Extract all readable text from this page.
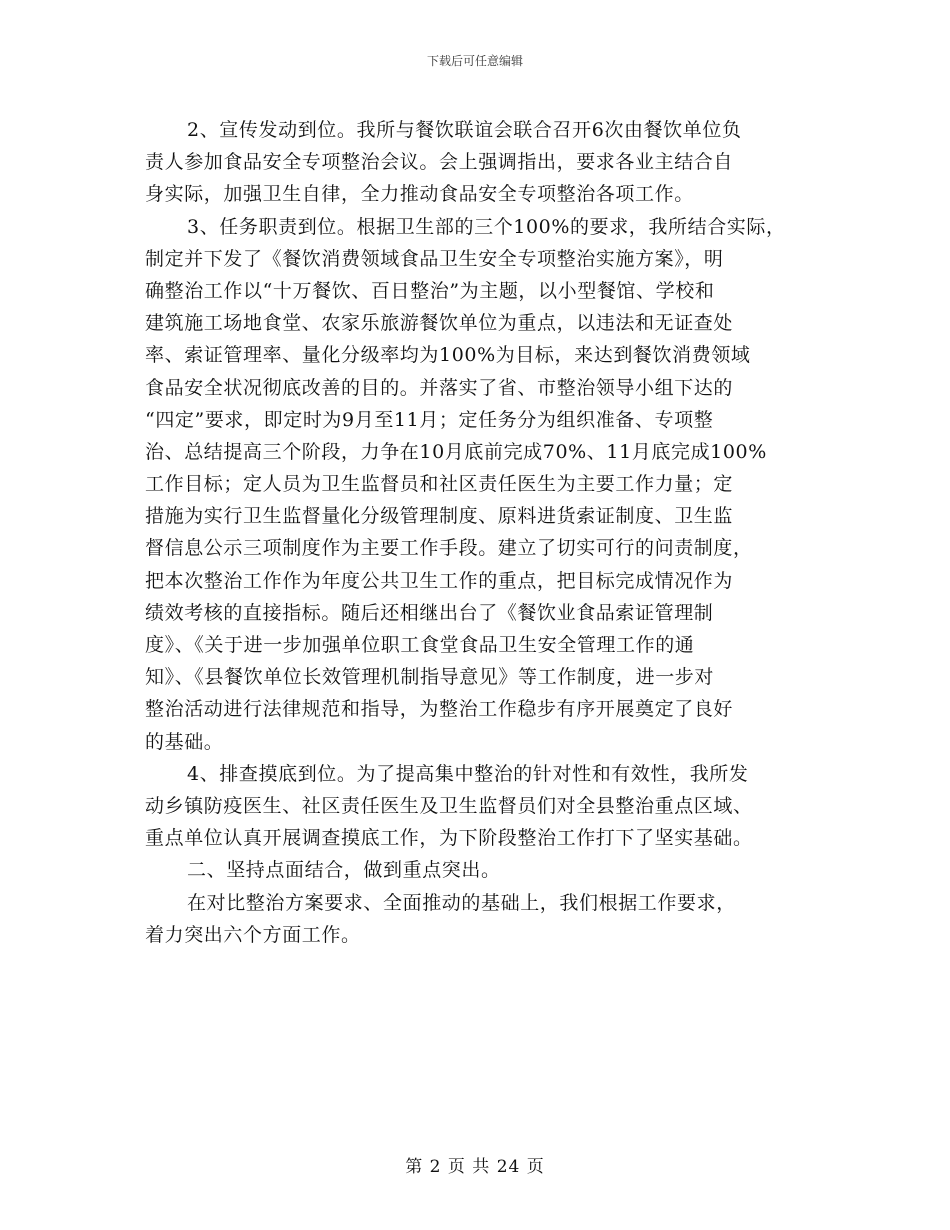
下载后可任意编辑

2、宣传发动到位。我所与餐饮联谊会联合召开6次由餐饮单位负
责人参加食品安全专项整治会议。会上强调指出，要求各业主结合自
身实际，加强卫生自律，全力推动食品安全专项整治各项工作。

3、任务职责到位。根据卫生部的三个100%的要求，我所结合实际，
制定并下发了《餐饮消费领域食品卫生安全专项整治实施方案》，明
确整治工作以“十万餐饮、百日整治”为主题，以小型餐馆、学校和
建筑施工场地食堂、农家乐旅游餐饮单位为重点，以违法和无证查处
率、索证管理率、量化分级率均为100%为目标，来达到餐饮消费领域
食品安全状况彻底改善的目的。并落实了省、市整治领导小组下达的
“四定”要求，即定时为9月至11月；定任务分为组织准备、专项整
治、总结提高三个阶段，力争在10月底前完成70%、11月底完成100%
工作目标；定人员为卫生监督员和社区责任医生为主要工作力量；定
措施为实行卫生监督量化分级管理制度、原料进货索证制度、卫生监
督信息公示三项制度作为主要工作手段。建立了切实可行的问责制度，
把本次整治工作作为年度公共卫生工作的重点，把目标完成情况作为
绩效考核的直接指标。随后还相继出台了《餐饮业食品索证管理制
度》、《关于进一步加强单位职工食堂食品卫生安全管理工作的通
知》、《县餐饮单位长效管理机制指导意见》等工作制度，进一步对
整治活动进行法律规范和指导，为整治工作稳步有序开展奠定了良好
的基础。

4、排查摸底到位。为了提高集中整治的针对性和有效性，我所发
动乡镇防疫医生、社区责任医生及卫生监督员们对全县整治重点区域、
重点单位认真开展调查摸底工作，为下阶段整治工作打下了坚实基础。

二、坚持点面结合，做到重点突出。

在对比整治方案要求、全面推动的基础上，我们根据工作要求，
着力突出六个方面工作。

第 2 页 共 24 页
